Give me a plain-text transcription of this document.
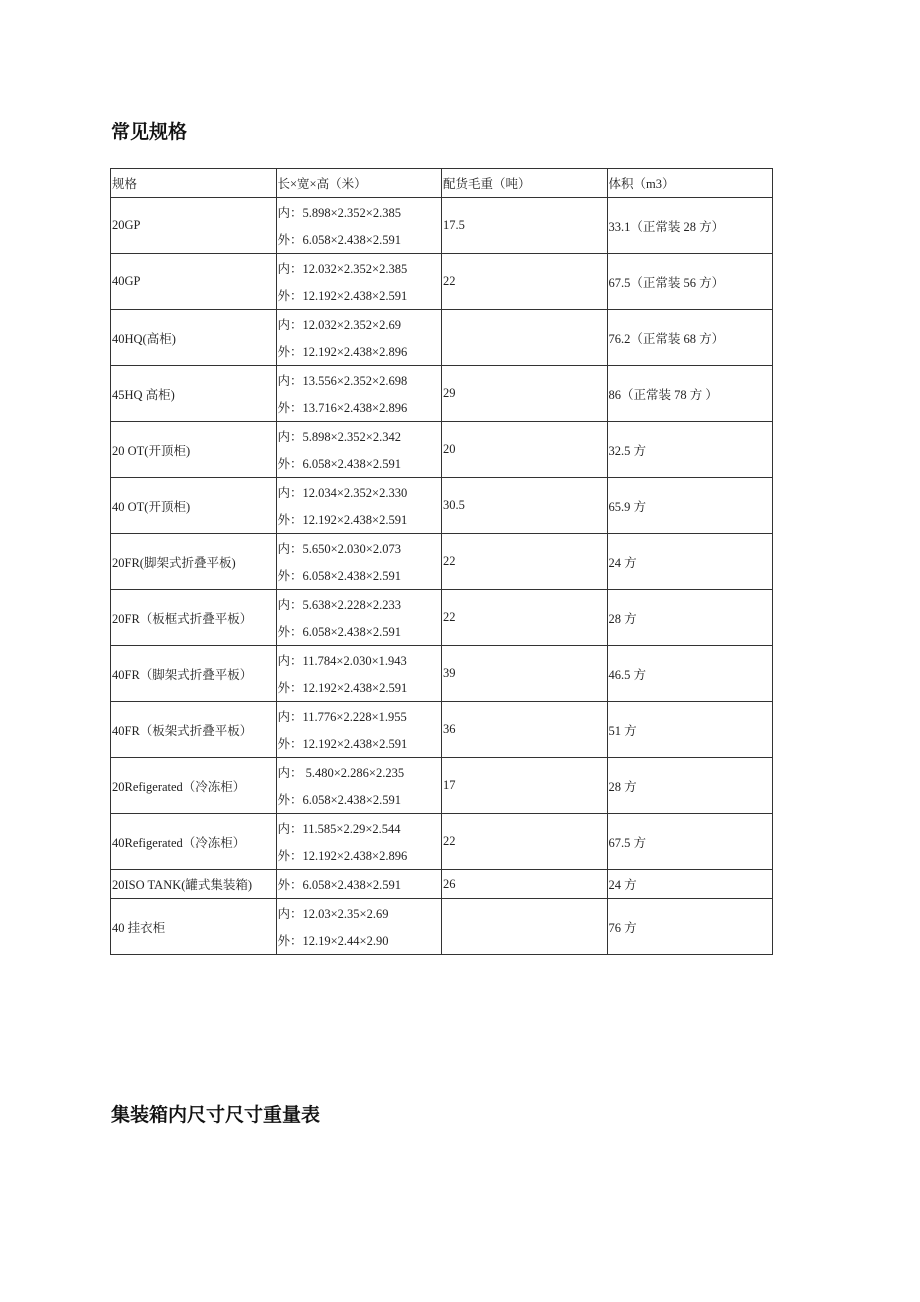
常见规格
规格	长×宽×高（米）	配货毛重（吨）	体积（m3）
20GP	内：5.898×2.352×2.385
外：6.058×2.438×2.591	17.5	33.1（正常装 28 方）
40GP	内：12.032×2.352×2.385
外：12.192×2.438×2.591	22	67.5（正常装 56 方）
40HQ(高柜)	内：12.032×2.352×2.69
外：12.192×2.438×2.896		76.2（正常装 68 方）
45HQ 高柜)	内：13.556×2.352×2.698
外：13.716×2.438×2.896	29	86（正常装 78 方 ）
20 OT(开顶柜)	内：5.898×2.352×2.342
外：6.058×2.438×2.591	20	32.5 方
40 OT(开顶柜)	内：12.034×2.352×2.330
外：12.192×2.438×2.591	30.5	65.9 方
20FR(脚架式折叠平板)	内：5.650×2.030×2.073
外：6.058×2.438×2.591	22	24 方
20FR（板框式折叠平板）	内：5.638×2.228×2.233
外：6.058×2.438×2.591	22	28 方
40FR（脚架式折叠平板）	内：11.784×2.030×1.943
外：12.192×2.438×2.591	39	46.5 方
40FR（板架式折叠平板）	内：11.776×2.228×1.955
外：12.192×2.438×2.591	36	51 方
20Refigerated（冷冻柜）	内： 5.480×2.286×2.235
外：6.058×2.438×2.591	17	28 方
40Refigerated（冷冻柜）	内：11.585×2.29×2.544
外：12.192×2.438×2.896	22	67.5 方
20ISO TANK(罐式集装箱)	外：6.058×2.438×2.591	26	24 方
40 挂衣柜	内：12.03×2.35×2.69
外：12.19×2.44×2.90		76 方
集装箱内尺寸尺寸重量表
